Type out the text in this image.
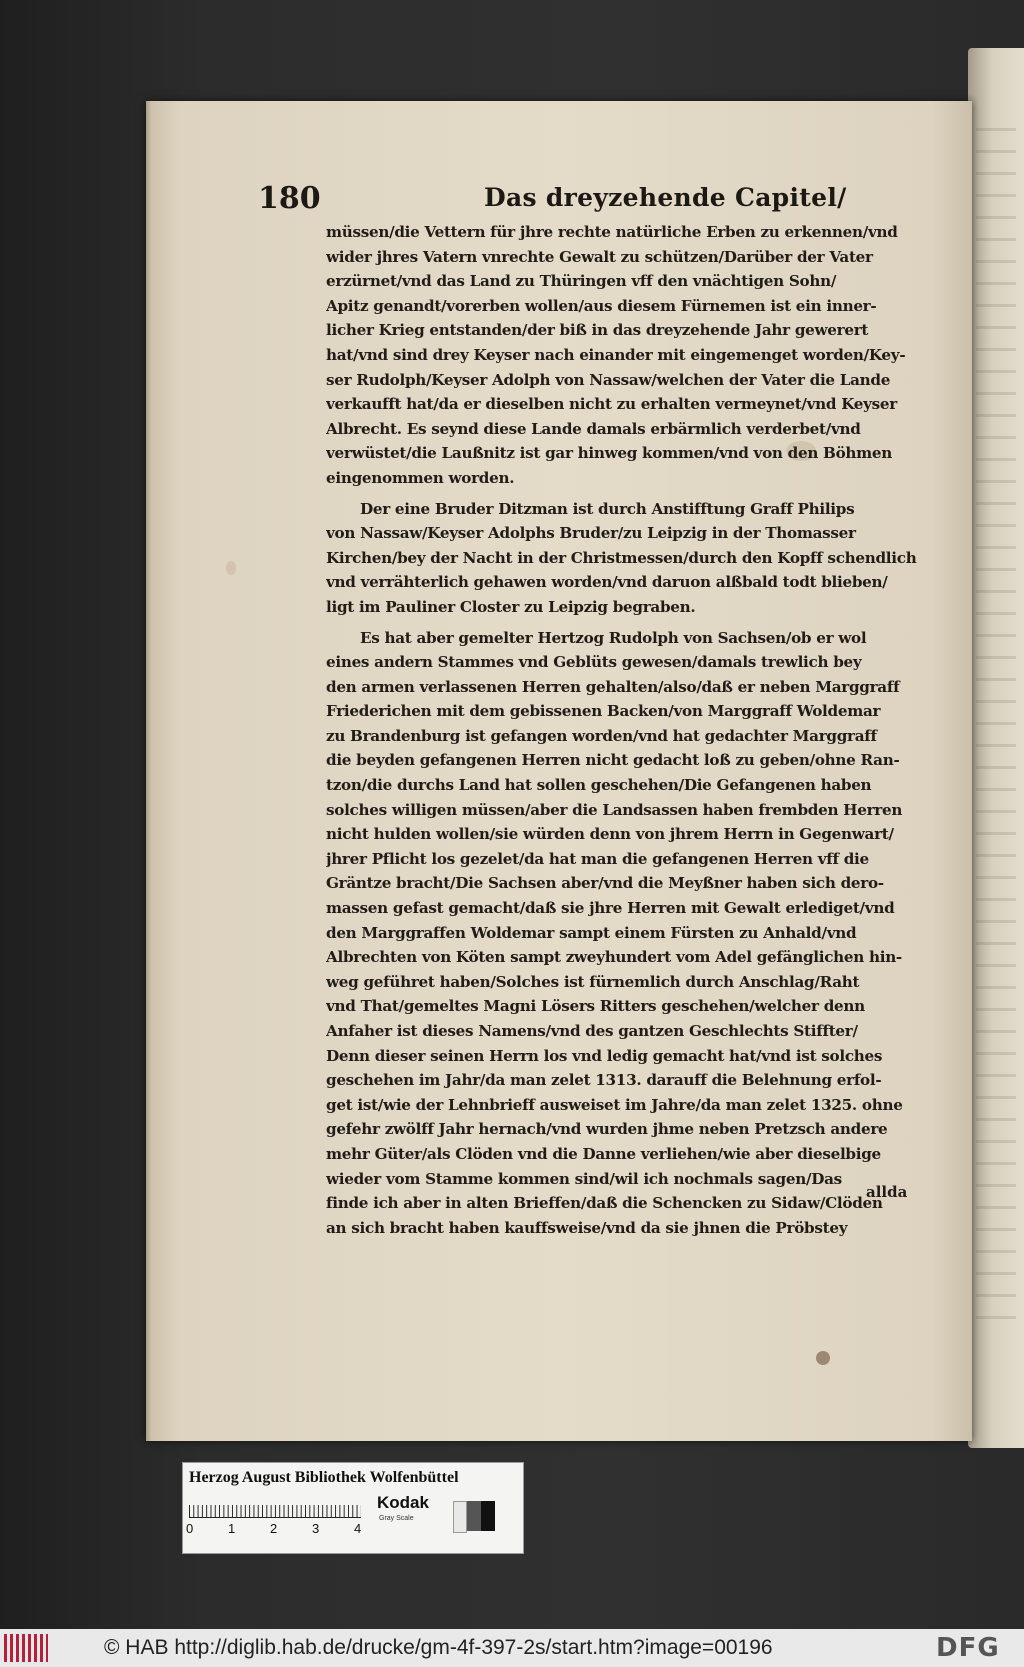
180	Das dreyzehende Capitel/
müssen/die Vettern für jhre rechte natürliche Erben zu erkennen/vnd
wider jhres Vatern vnrechte Gewalt zu schützen/Darüber der Vater
erzürnet/vnd das Land zu Thüringen vff den vnächtigen Sohn/
Apitz genandt/vorerben wollen/aus diesem Fürnemen ist ein inner-
licher Krieg entstanden/der biß in das dreyzehende Jahr gewerert
hat/vnd sind drey Keyser nach einander mit eingemenget worden/Key-
ser Rudolph/Keyser Adolph von Nassaw/welchen der Vater die Lande
verkaufft hat/da er dieselben nicht zu erhalten vermeynet/vnd Keyser
Albrecht. Es seynd diese Lande damals erbärmlich verderbet/vnd
verwüstet/die Laußnitz ist gar hinweg kommen/vnd von den Böhmen
eingenommen worden.
Der eine Bruder Ditzman ist durch Anstifftung Graff Philips
von Nassaw/Keyser Adolphs Bruder/zu Leipzig in der Thomasser
Kirchen/bey der Nacht in der Christmessen/durch den Kopff schendlich
vnd verrähterlich gehawen worden/vnd daruon alßbald todt blieben/
ligt im Pauliner Closter zu Leipzig begraben.
Es hat aber gemelter Hertzog Rudolph von Sachsen/ob er wol
eines andern Stammes vnd Geblüts gewesen/damals trewlich bey
den armen verlassenen Herren gehalten/also/daß er neben Marggraff
Friederichen mit dem gebissenen Backen/von Marggraff Woldemar
zu Brandenburg ist gefangen worden/vnd hat gedachter Marggraff
die beyden gefangenen Herren nicht gedacht loß zu geben/ohne Ran-
tzon/die durchs Land hat sollen geschehen/Die Gefangenen haben
solches willigen müssen/aber die Landsassen haben frembden Herren
nicht hulden wollen/sie würden denn von jhrem Herrn in Gegenwart/
jhrer Pflicht los gezelet/da hat man die gefangenen Herren vff die
Gräntze bracht/Die Sachsen aber/vnd die Meyßner haben sich dero-
massen gefast gemacht/daß sie jhre Herren mit Gewalt erlediget/vnd
den Marggraffen Woldemar sampt einem Fürsten zu Anhald/vnd
Albrechten von Köten sampt zweyhundert vom Adel gefänglichen hin-
weg geführet haben/Solches ist fürnemlich durch Anschlag/Raht
vnd That/gemeltes Magni Lösers Ritters geschehen/welcher denn
Anfaher ist dieses Namens/vnd des gantzen Geschlechts Stiffter/
Denn dieser seinen Herrn los vnd ledig gemacht hat/vnd ist solches
geschehen im Jahr/da man zelet 1313. darauff die Belehnung erfol-
get ist/wie der Lehnbrieff ausweiset im Jahre/da man zelet 1325. ohne
gefehr zwölff Jahr hernach/vnd wurden jhme neben Pretzsch andere
mehr Güter/als Clöden vnd die Danne verliehen/wie aber dieselbige
wieder vom Stamme kommen sind/wil ich nochmals sagen/Das
finde ich aber in alten Brieffen/daß die Schencken zu Sidaw/Clöden
an sich bracht haben kauffsweise/vnd da sie jhnen die Pröbstey
allda
Herzog August Bibliothek Wolfenbüttel
0	1	2	3	4
Kodak
Gray Scale
© HAB http://diglib.hab.de/drucke/gm-4f-397-2s/start.htm?image=00196	DFG
